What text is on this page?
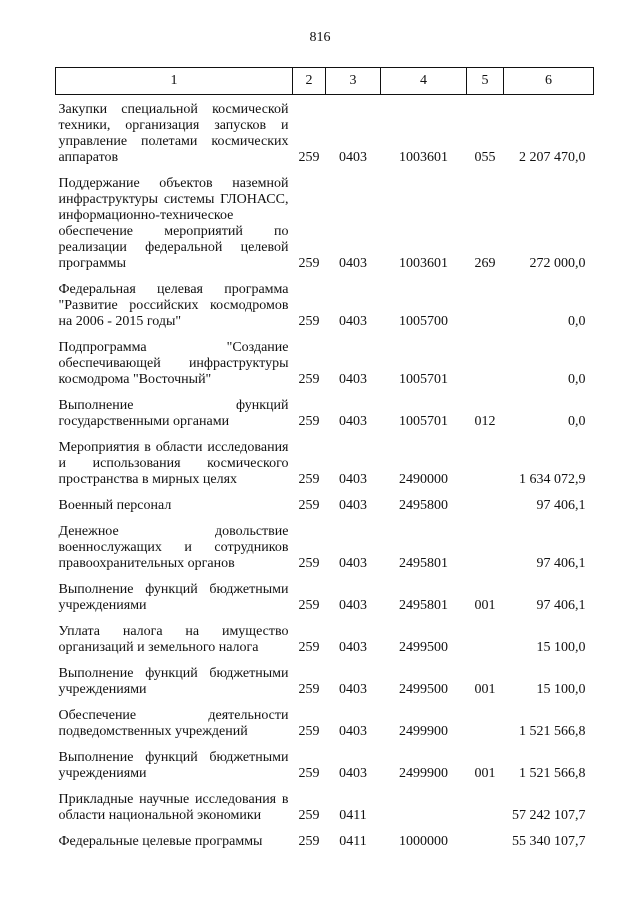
816
1	2	3	4	5	6
Закупки специальной космической техники, организация запусков и управление полетами космических аппаратов	259	0403	1003601	055	2 207 470,0
Поддержание объектов наземной инфраструктуры системы ГЛОНАСС, информационно-техническое обеспечение мероприятий по реализации федеральной целевой программы	259	0403	1003601	269	272 000,0
Федеральная целевая программа "Развитие российских космодромов на 2006 - 2015 годы"	259	0403	1005700		0,0
Подпрограмма "Создание обеспечивающей инфраструктуры космодрома "Восточный"	259	0403	1005701		0,0
Выполнение функций государственными органами	259	0403	1005701	012	0,0
Мероприятия в области исследования и использования космического пространства в мирных целях	259	0403	2490000		1 634 072,9
Военный персонал	259	0403	2495800		97 406,1
Денежное довольствие военнослужащих и сотрудников правоохранительных органов	259	0403	2495801		97 406,1
Выполнение функций бюджетными учреждениями	259	0403	2495801	001	97 406,1
Уплата налога на имущество организаций и земельного налога	259	0403	2499500		15 100,0
Выполнение функций бюджетными учреждениями	259	0403	2499500	001	15 100,0
Обеспечение деятельности подведомственных учреждений	259	0403	2499900		1 521 566,8
Выполнение функций бюджетными учреждениями	259	0403	2499900	001	1 521 566,8
Прикладные научные исследования в области национальной экономики	259	0411			57 242 107,7
Федеральные целевые программы	259	0411	1000000		55 340 107,7
